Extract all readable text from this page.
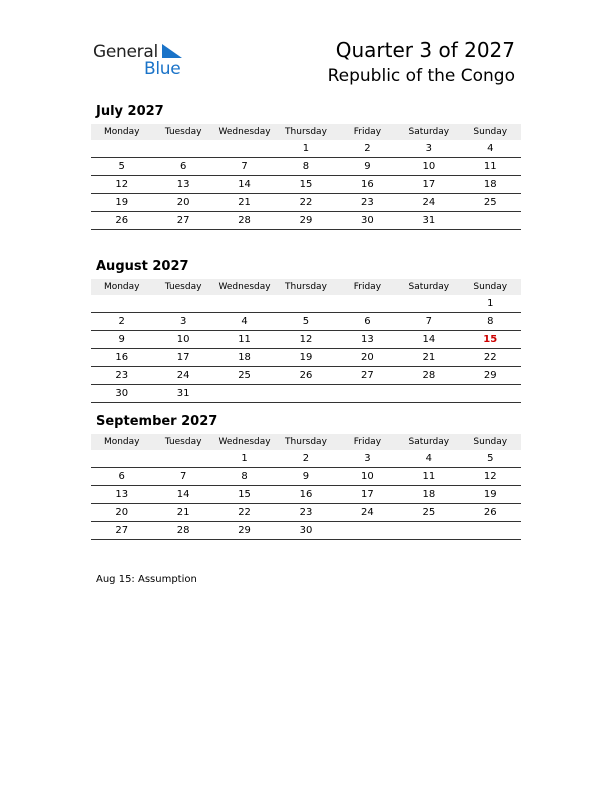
General
Blue
Quarter 3 of 2027
Republic of the Congo
July 2027
Monday	Tuesday	Wednesday	Thursday	Friday	Saturday	Sunday
			1	2	3	4
5	6	7	8	9	10	11
12	13	14	15	16	17	18
19	20	21	22	23	24	25
26	27	28	29	30	31	
August 2027
Monday	Tuesday	Wednesday	Thursday	Friday	Saturday	Sunday
						1
2	3	4	5	6	7	8
9	10	11	12	13	14	15
16	17	18	19	20	21	22
23	24	25	26	27	28	29
30	31					
September 2027
Monday	Tuesday	Wednesday	Thursday	Friday	Saturday	Sunday
		1	2	3	4	5
6	7	8	9	10	11	12
13	14	15	16	17	18	19
20	21	22	23	24	25	26
27	28	29	30			
Aug 15: Assumption
